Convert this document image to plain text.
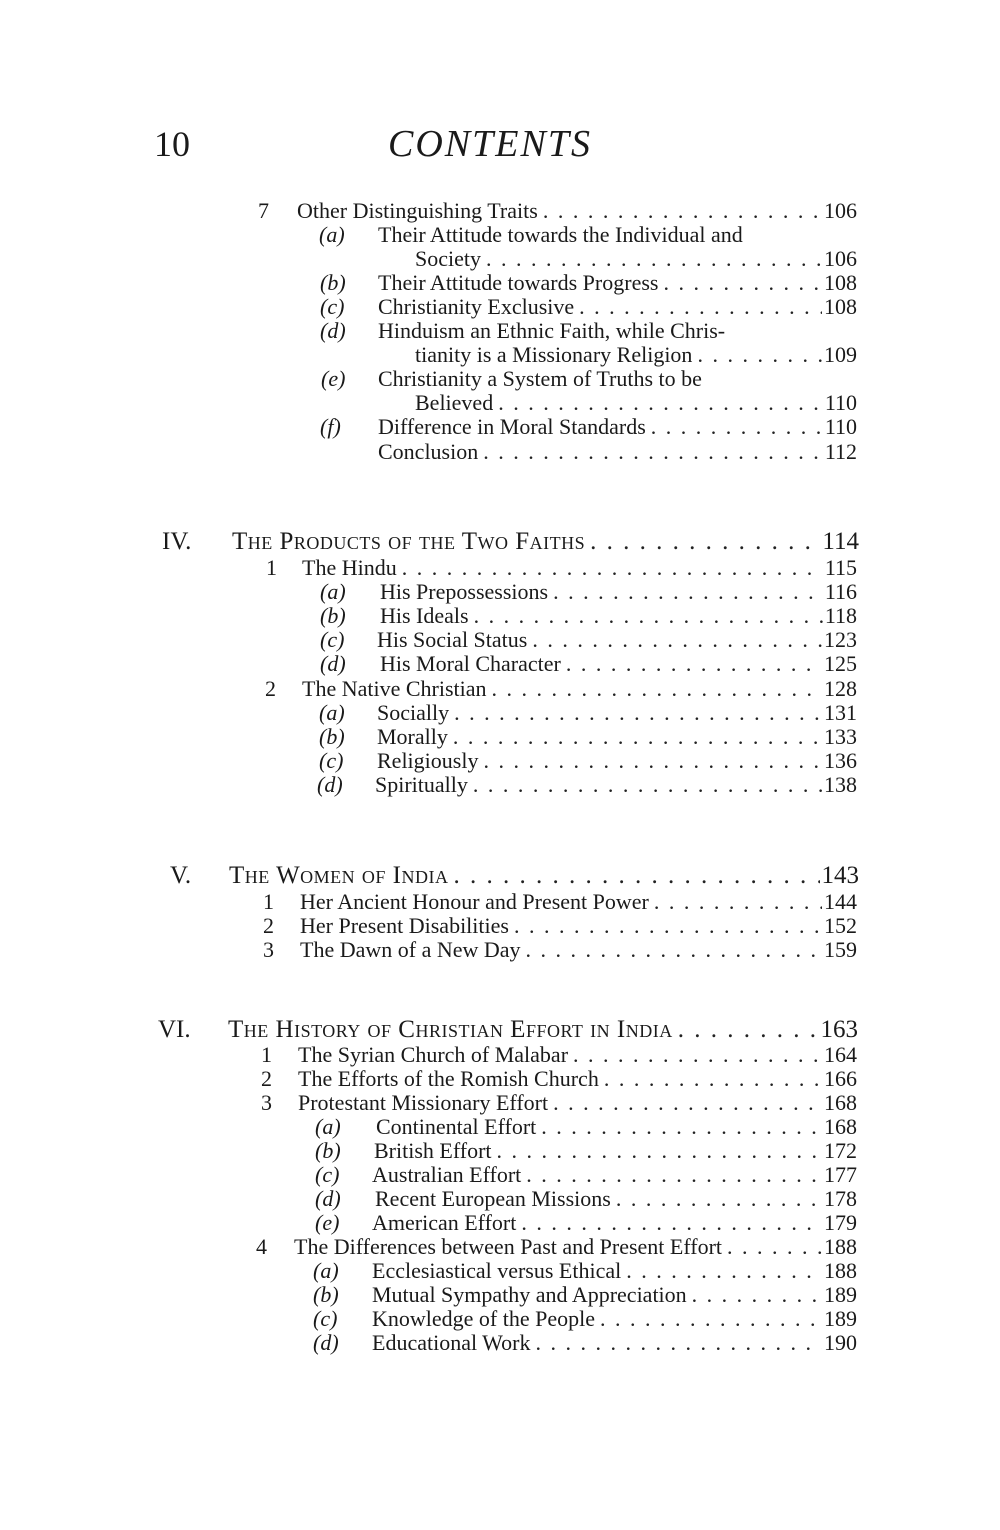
10	CONTENTS
7 Other Distinguishing Traits . . .	106
(a) Their Attitude towards the Individual and
Society . . .	106
(b) Their Attitude towards Progress . . .	108
(c) Christianity Exclusive . . .	108
(d) Hinduism an Ethnic Faith, while Chris-
tianity is a Missionary Religion . . .	109
(e) Christianity a System of Truths to be
Believed . . .	110
(f) Difference in Moral Standards . . .	110
Conclusion . . .	112
IV. The Products of the Two Faiths . . .	114
1 The Hindu . . .	115
(a) His Prepossessions . . .	116
(b) His Ideals . . .	118
(c) His Social Status . . .	123
(d) His Moral Character . . .	125
2 The Native Christian . . .	128
(a) Socially . . .	131
(b) Morally . . .	133
(c) Religiously . . .	136
(d) Spiritually . . .	138
V. The Women of India . . .	143
1 Her Ancient Honour and Present Power . . .	144
2 Her Present Disabilities . . .	152
3 The Dawn of a New Day . . .	159
VI. The History of Christian Effort in India . . .	163
1 The Syrian Church of Malabar . . .	164
2 The Efforts of the Romish Church . . .	166
3 Protestant Missionary Effort . . .	168
(a) Continental Effort . . .	168
(b) British Effort . . .	172
(c) Australian Effort . . .	177
(d) Recent European Missions . . .	178
(e) American Effort . . .	179
4 The Differences between Past and Present Effort . . .	188
(a) Ecclesiastical versus Ethical . . .	188
(b) Mutual Sympathy and Appreciation . . .	189
(c) Knowledge of the People . . .	189
(d) Educational Work . . .	190
